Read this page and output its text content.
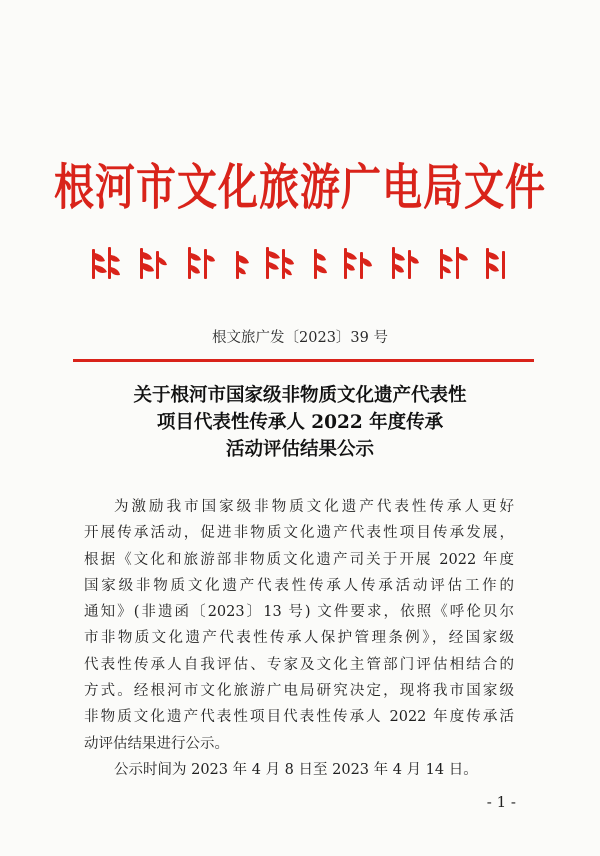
根河市文化旅游广电局文件
根文旅广发〔2023〕39 号
关于根河市国家级非物质文化遗产代表性
项目代表性传承人 2022 年度传承
活动评估结果公示

为激励我市国家级非物质文化遗产代表性传承人更好

开展传承活动，促进非物质文化遗产代表性项目传承发展，

根据《文化和旅游部非物质文化遗产司关于开展 2022 年度

国家级非物质文化遗产代表性传承人传承活动评估工作的

通知》(非遗函〔2023〕13 号) 文件要求，依照《呼伦贝尔

市非物质文化遗产代表性传承人保护管理条例》，经国家级

代表性传承人自我评估、专家及文化主管部门评估相结合的

方式。经根河市文化旅游广电局研究决定，现将我市国家级

非物质文化遗产代表性项目代表性传承人 2022 年度传承活

动评估结果进行公示。

公示时间为 2023 年 4 月 8 日至 2023 年 4 月 14 日。

- 1 -
